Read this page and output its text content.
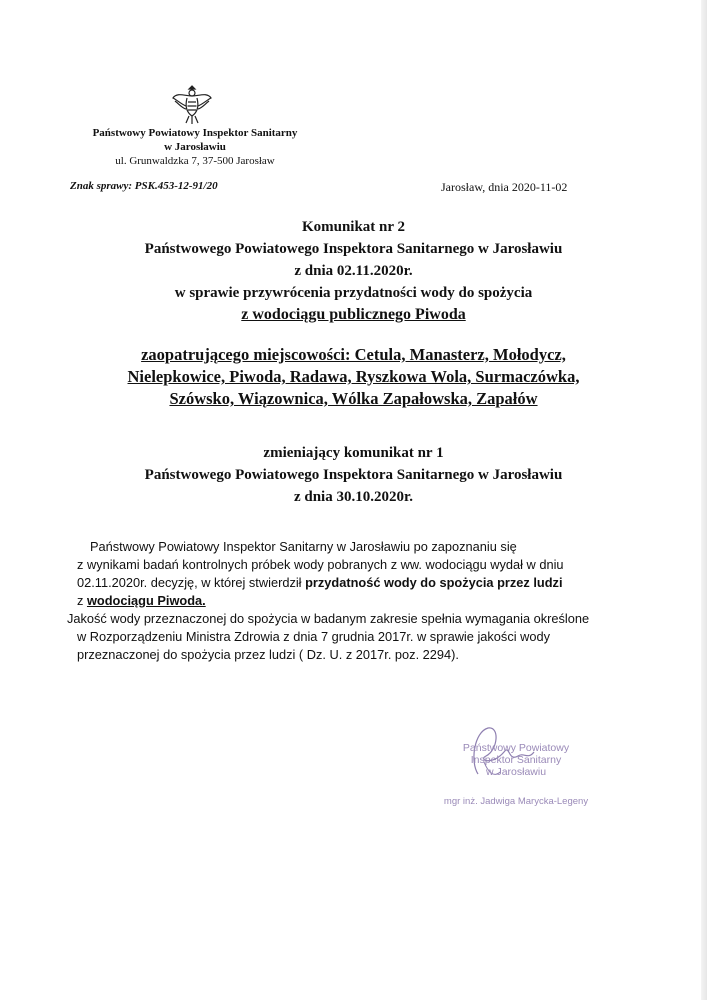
Państwowy Powiatowy Inspektor Sanitarny
w Jarosławiu
ul. Grunwaldzka 7, 37-500 Jarosław
Znak sprawy: PSK.453-12-91/20	Jarosław, dnia 2020-11-02
Komunikat nr 2
Państwowego Powiatowego Inspektora Sanitarnego w Jarosławiu
z dnia 02.11.2020r.
w sprawie przywrócenia przydatności wody do spożycia
z wodociągu publicznego Piwoda
zaopatrującego miejscowości: Cetula, Manasterz, Mołodycz,
Nielepkowice, Piwoda, Radawa, Ryszkowa Wola, Surmaczówka,
Szówsko, Wiązownica, Wólka Zapałowska, Zapałów
zmieniający komunikat nr 1
Państwowego Powiatowego Inspektora Sanitarnego w Jarosławiu
z dnia 30.10.2020r.
Państwowy Powiatowy Inspektor Sanitarny w Jarosławiu po zapoznaniu się
z wynikami badań kontrolnych próbek wody pobranych z ww. wodociągu wydał w dniu
02.11.2020r. decyzję, w której stwierdził przydatność wody do spożycia przez ludzi
z wodociągu Piwoda.
Jakość wody przeznaczonej do spożycia w badanym zakresie spełnia wymagania określone
w Rozporządzeniu Ministra Zdrowia z dnia 7 grudnia 2017r. w sprawie jakości wody
przeznaczonej do spożycia przez ludzi ( Dz. U. z 2017r. poz. 2294).
Państwowy Powiatowy
Inspektor Sanitarny
w Jarosławiu
mgr inż. Jadwiga Marycka-Legeny
